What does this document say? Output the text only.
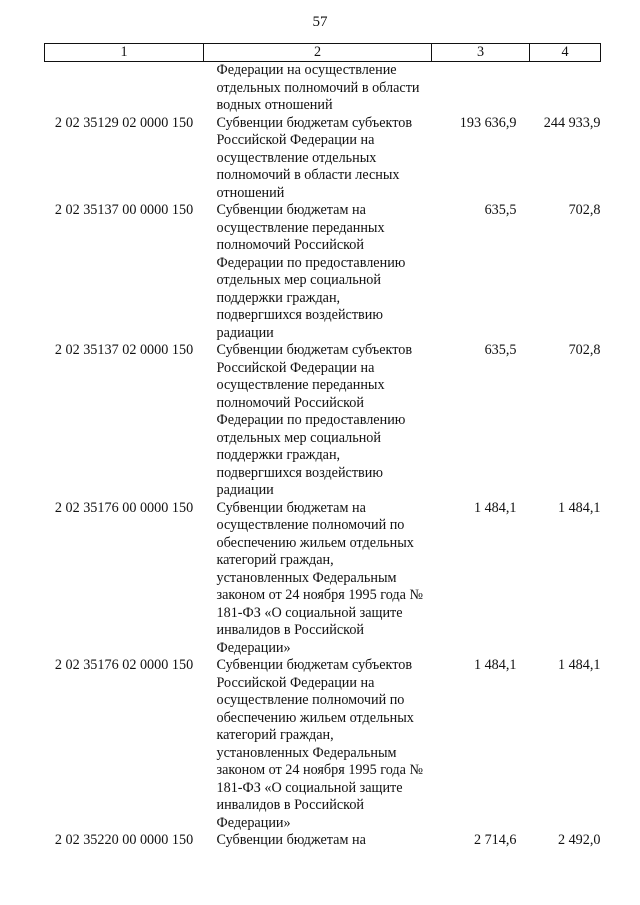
57
1	2	3	4
	Федерации на осуществление отдельных полномочий в области водных отношений		
2 02 35129 02 0000 150	Субвенции бюджетам субъектов Российской Федерации на осуществление отдельных полномочий в области лесных отношений	193 636,9	244 933,9
2 02 35137 00 0000 150	Субвенции бюджетам на осуществление переданных полномочий Российской Федерации по предоставлению отдельных мер социальной поддержки граждан, подвергшихся воздействию радиации	635,5	702,8
2 02 35137 02 0000 150	Субвенции бюджетам субъектов Российской Федерации на осуществление переданных полномочий Российской Федерации по предоставлению отдельных мер социальной поддержки граждан, подвергшихся воздействию радиации	635,5	702,8
2 02 35176 00 0000 150	Субвенции бюджетам на осуществление полномочий по обеспечению жильем отдельных категорий граждан, установленных Федеральным законом от 24 ноября 1995 года № 181-ФЗ «О социальной защите инвалидов в Российской Федерации»	1 484,1	1 484,1
2 02 35176 02 0000 150	Субвенции бюджетам субъектов Российской Федерации на осуществление полномочий по обеспечению жильем отдельных категорий граждан, установленных Федеральным законом от 24 ноября 1995 года № 181-ФЗ «О социальной защите инвалидов в Российской Федерации»	1 484,1	1 484,1
2 02 35220 00 0000 150	Субвенции бюджетам на	2 714,6	2 492,0
